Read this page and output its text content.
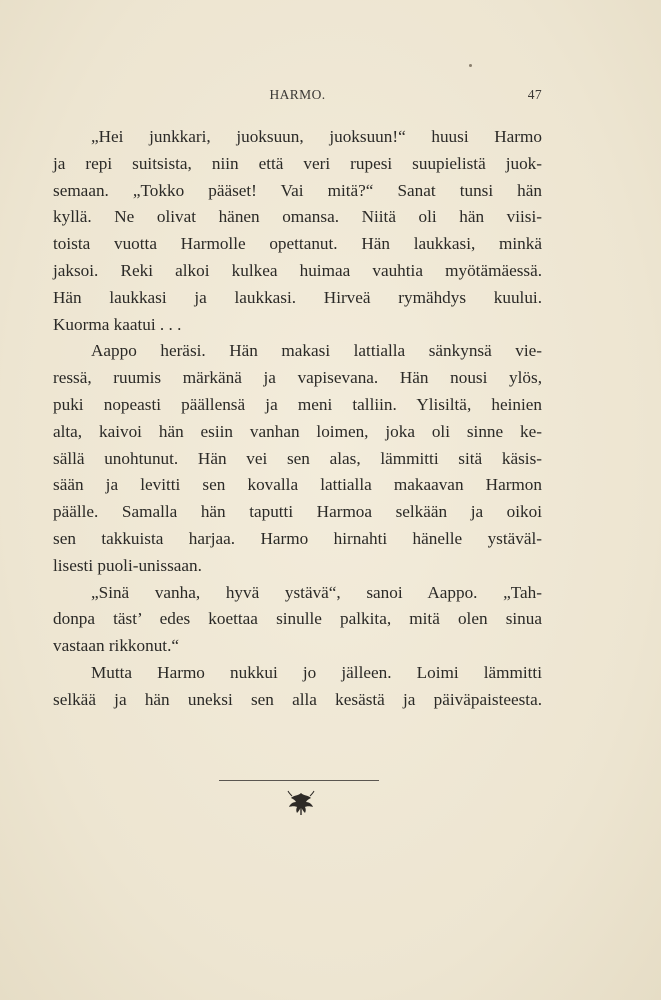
HARMO.	47
„Hei junkkari, juoksuun, juoksuun!“ huusi Harmo
ja repi suitsista, niin että veri rupesi suupielistä juok-
semaan. „Tokko pääset! Vai mitä?“ Sanat tunsi hän
kyllä. Ne olivat hänen omansa. Niitä oli hän viisi-
toista vuotta Harmolle opettanut. Hän laukkasi, minkä
jaksoi. Reki alkoi kulkea huimaa vauhtia myötämäessä.
Hän laukkasi ja laukkasi. Hirveä rymähdys kuului.
Kuorma kaatui . . .
Aappo heräsi. Hän makasi lattialla sänkynsä vie-
ressä, ruumis märkänä ja vapisevana. Hän nousi ylös,
puki nopeasti päällensä ja meni talliin. Ylisiltä, heinien
alta, kaivoi hän esiin vanhan loimen, joka oli sinne ke-
sällä unohtunut. Hän vei sen alas, lämmitti sitä käsis-
sään ja levitti sen kovalla lattialla makaavan Harmon
päälle. Samalla hän taputti Harmoa selkään ja oikoi
sen takkuista harjaa. Harmo hirnahti hänelle ystäväl-
lisesti puoli-unissaan.
„Sinä vanha, hyvä ystävä“, sanoi Aappo. „Tah-
donpa täst’ edes koettaa sinulle palkita, mitä olen sinua
vastaan rikkonut.“
Mutta Harmo nukkui jo jälleen. Loimi lämmitti
selkää ja hän uneksi sen alla kesästä ja päiväpaisteesta.
